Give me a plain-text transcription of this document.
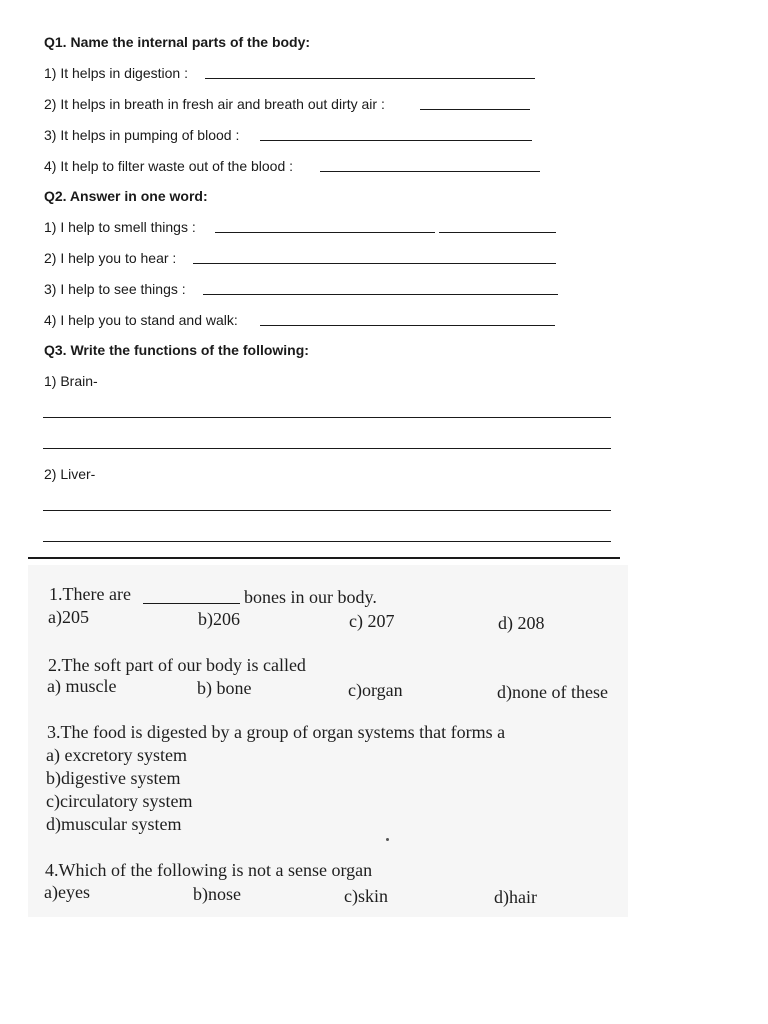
Q1. Name the internal parts of the body:
1) It helps in digestion :
2) It helps in breath in fresh air and breath out dirty air :
3) It helps in pumping of blood :
4) It help to filter waste out of the blood :
Q2. Answer in one word:
1) I help to smell things :
2) I help you to hear :
3) I help to see things :
4) I help you to stand and walk:
Q3. Write the functions of the following:
1) Brain-
2) Liver-
1.There are	bones in our body.
a)205	b)206	c) 207	d) 208
2.The soft part of our body is called
a) muscle	b) bone	c)organ	d)none of these
3.The food is digested by a group of organ systems that forms a
a) excretory system
b)digestive system
c)circulatory system
d)muscular system
4.Which of the following is not a sense organ
a)eyes	b)nose	c)skin	d)hair
